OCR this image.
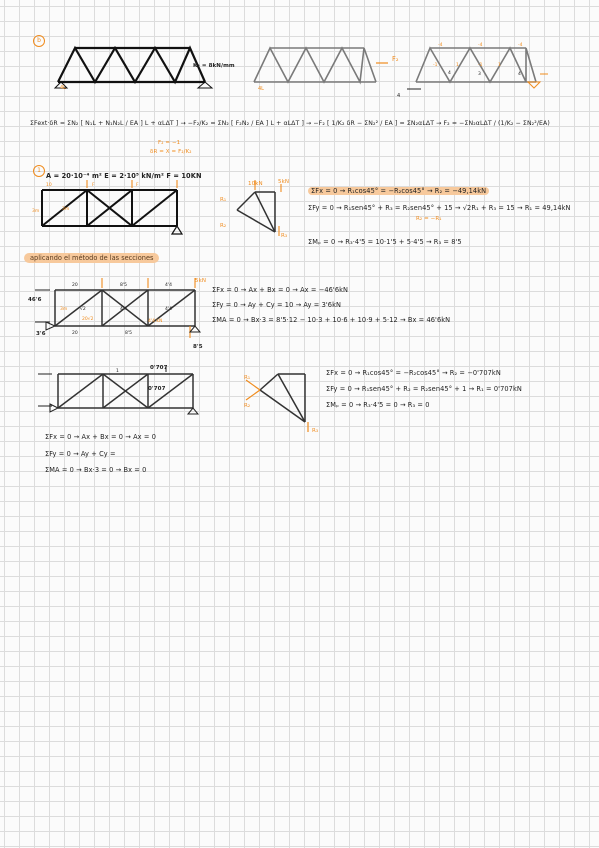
b
4L
K₂ = 8kN/mm
4L
F₂
-1	1	-1	1
-4	-4	-4
4	3	4
4
ΣFext·δR = ΣN₂ [ N₁L + N₁N₂L / EA ] L + αLΔT ] → −F₂/K₂ = ΣN₂ [ F₂N₂ / EA ] L + αLΔT ] → −F₂ [ 1/K₂ δR − ΣN₂² / EA ] = ΣN₂αLΔT → F₂ = −ΣN₂αLΔT / (1/K₂ − ΣN₂²/EA)
F₂ = −1
δR = X = F₂/K₂
1
A = 20·10⁻⁴ m² E = 2·10⁵ kN/m² F = 10KN
10	F	F
3m
3m
10kN	5kN
R₁
R₂
R₃
ΣFx = 0 → R₁cos45° = −R₂cos45° → R₂ = −49,14kN
ΣFy = 0 → R₁sen45° + R₃ = R₂sen45° + 15 → √2R₁ + R₃ = 15 → R₁ = 49,14kN
R₂ = −R₁
ΣMₚ = 0 → R₃·4'5 = 10·1'5 + 5·4'5 → R₃ = 8'5
aplicando el método de las secciones
20	8'5	4'4
20	8'5
√2	4'4	4'4
3m
20√2	4'4 kN
5kN
46'6
3'6
8'5
ΣFx = 0 → Ax + Bx = 0 → Ax = −46'6kN
ΣFy = 0 → Ay + Cy = 10 → Ay = 3'6kN
ΣMA = 0 → Bx·3 = 8'5·12 − 10·3 + 10·6 + 10·9 + 5·12 → Bx = 46'6kN
1
0'707
0'707
R₁
R₂
R₃
ΣFx = 0 → R₁cos45° = −R₂cos45° → R₂ = −0'707kN
ΣFy = 0 → R₁sen45° + R₂ = R₂sen45° + 1 → R₁ = 0'707kN
ΣMₚ = 0 → R₃·4'5 = 0 → R₃ = 0
ΣFx = 0 → Ax + Bx = 0 → Ax = 0
ΣFy = 0 → Ay + Cy =
ΣMA = 0 → Bx·3 = 0 → Bx = 0
